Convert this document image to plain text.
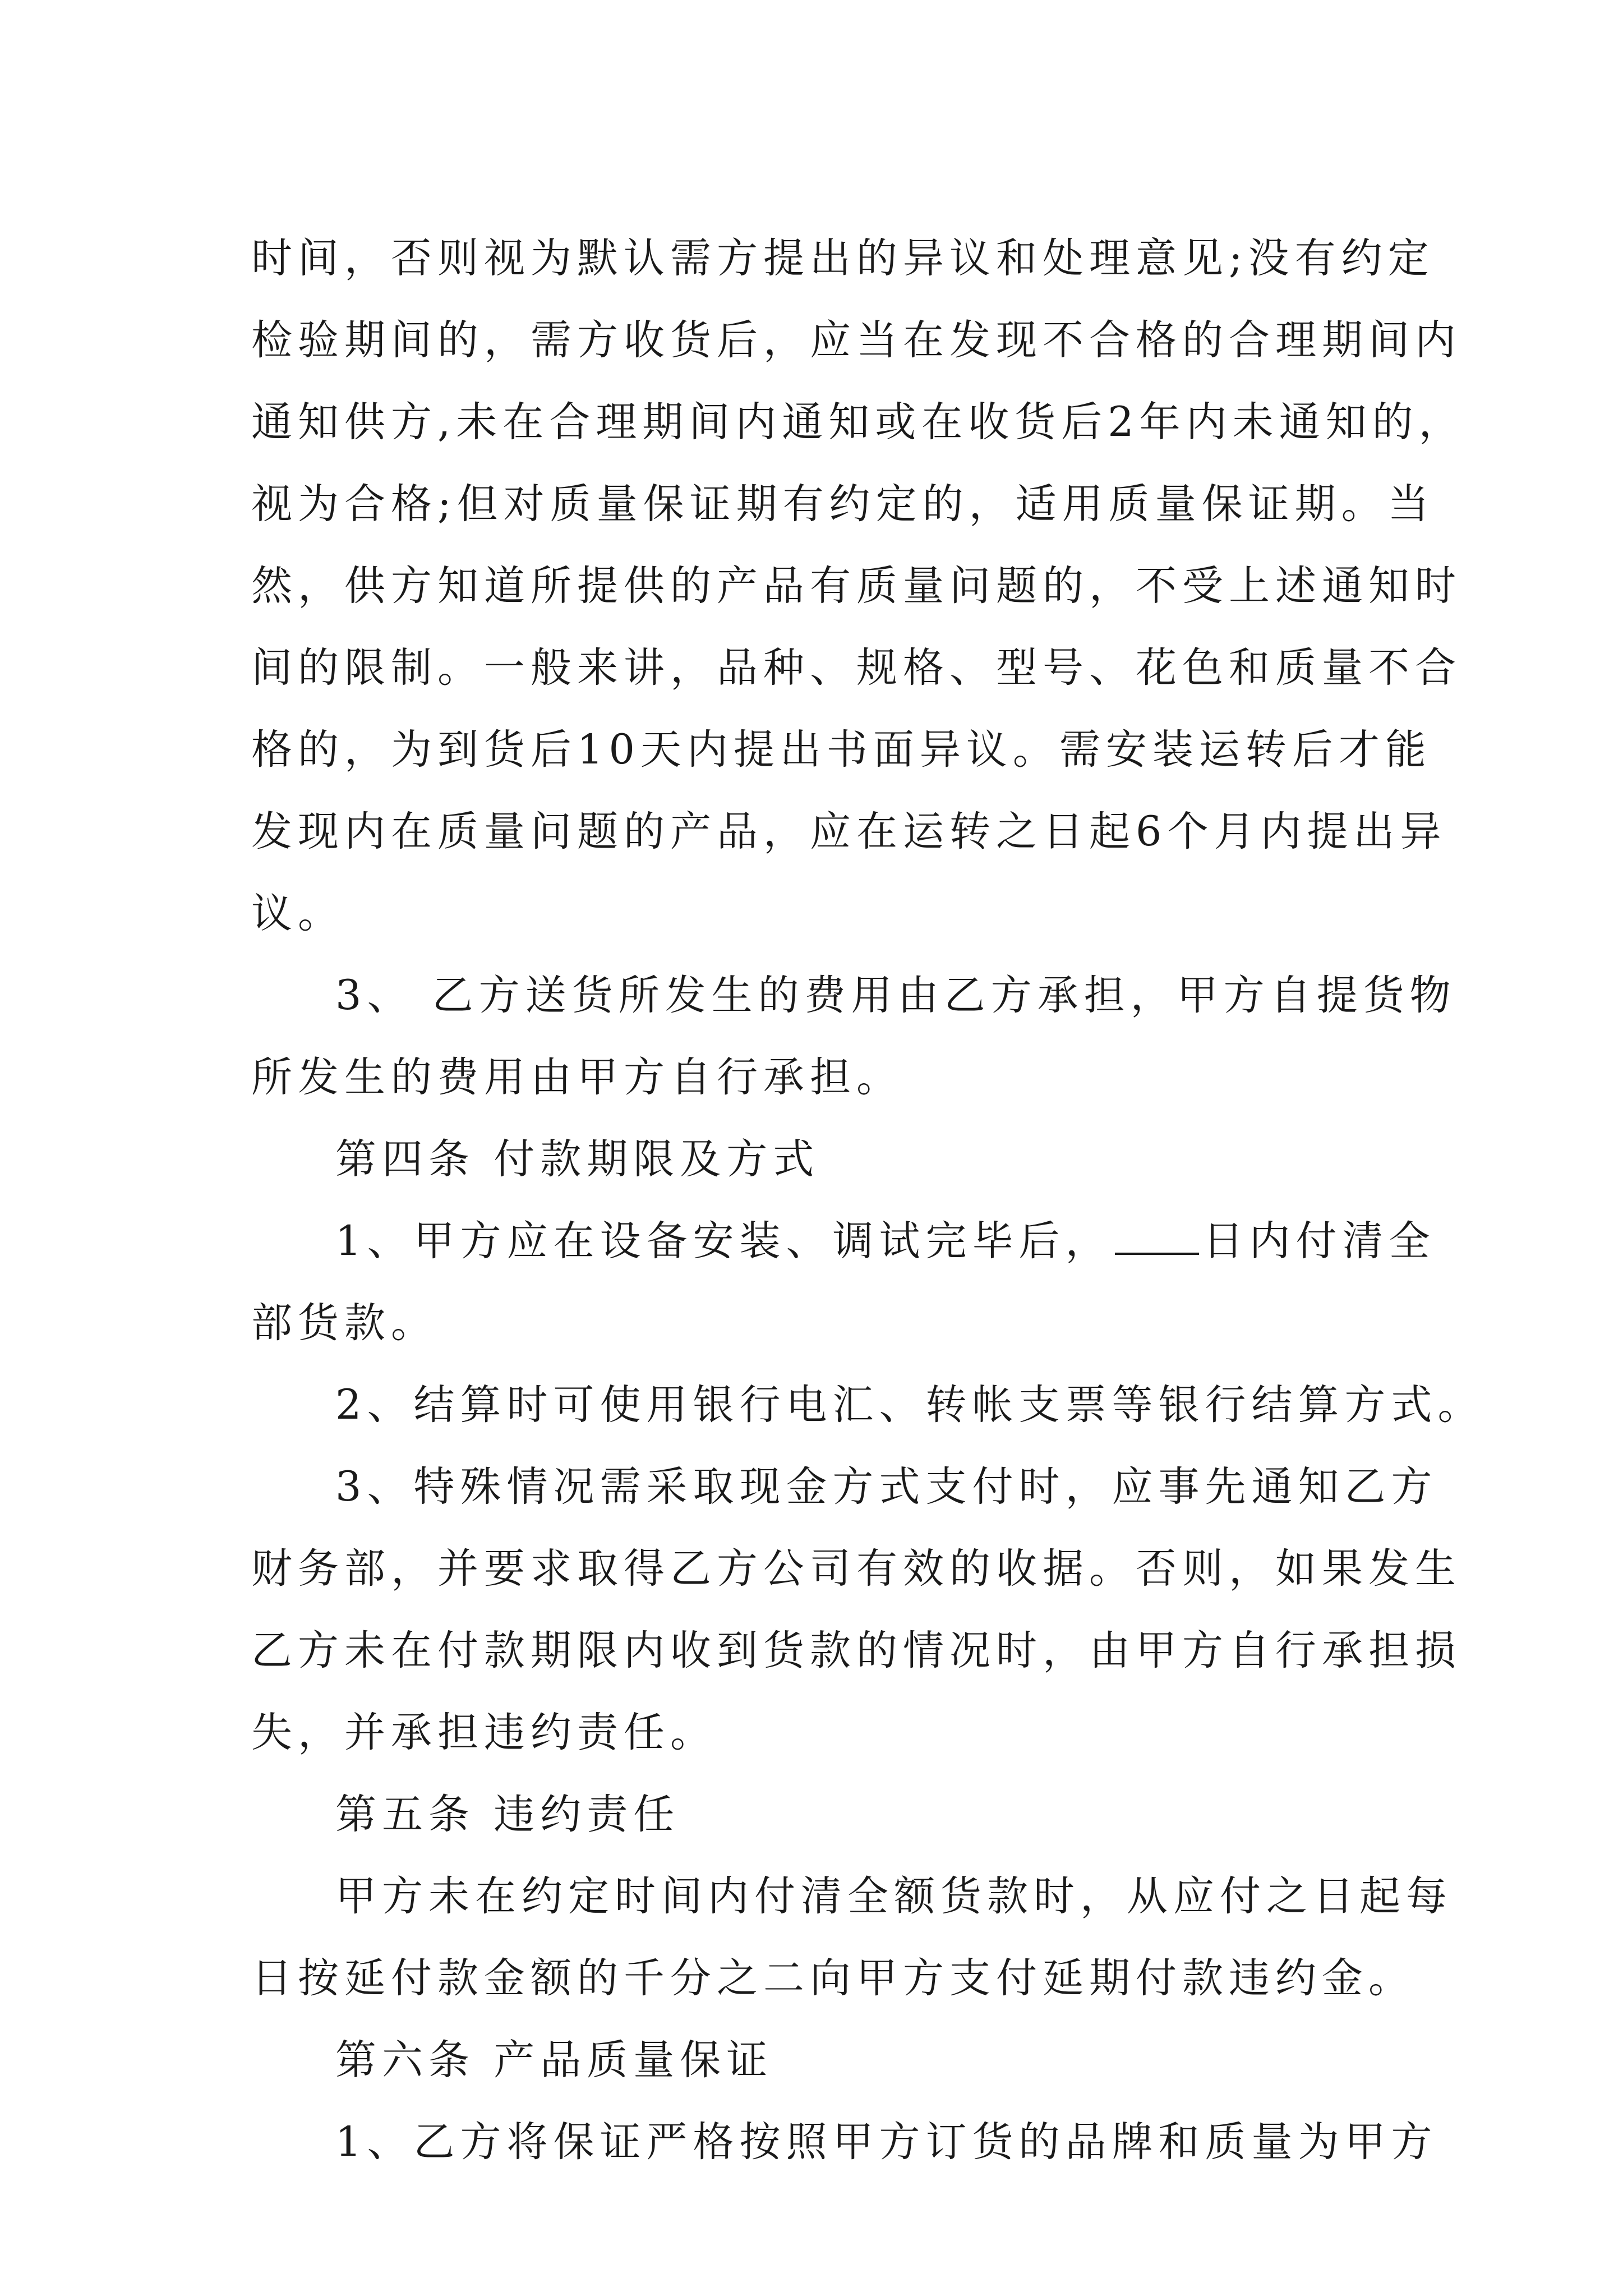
时间，否则视为默认需方提出的异议和处理意见;没有约定
检验期间的，需方收货后，应当在发现不合格的合理期间内
通知供方,未在合理期间内通知或在收货后2年内未通知的，
视为合格;但对质量保证期有约定的，适用质量保证期。当
然，供方知道所提供的产品有质量问题的，不受上述通知时
间的限制。一般来讲，品种、规格、型号、花色和质量不合
格的，为到货后10天内提出书面异议。需安装运转后才能
发现内在质量问题的产品，应在运转之日起6个月内提出异
议。
3、 乙方送货所发生的费用由乙方承担，甲方自提货物
所发生的费用由甲方自行承担。
第四条 付款期限及方式
1、甲方应在设备安装、调试完毕后， 日内付清全
部货款。
2、结算时可使用银行电汇、转帐支票等银行结算方式。
3、特殊情况需采取现金方式支付时，应事先通知乙方
财务部，并要求取得乙方公司有效的收据。否则，如果发生
乙方未在付款期限内收到货款的情况时，由甲方自行承担损
失，并承担违约责任。
第五条 违约责任
甲方未在约定时间内付清全额货款时，从应付之日起每
日按延付款金额的千分之二向甲方支付延期付款违约金。
第六条 产品质量保证
1、乙方将保证严格按照甲方订货的品牌和质量为甲方
